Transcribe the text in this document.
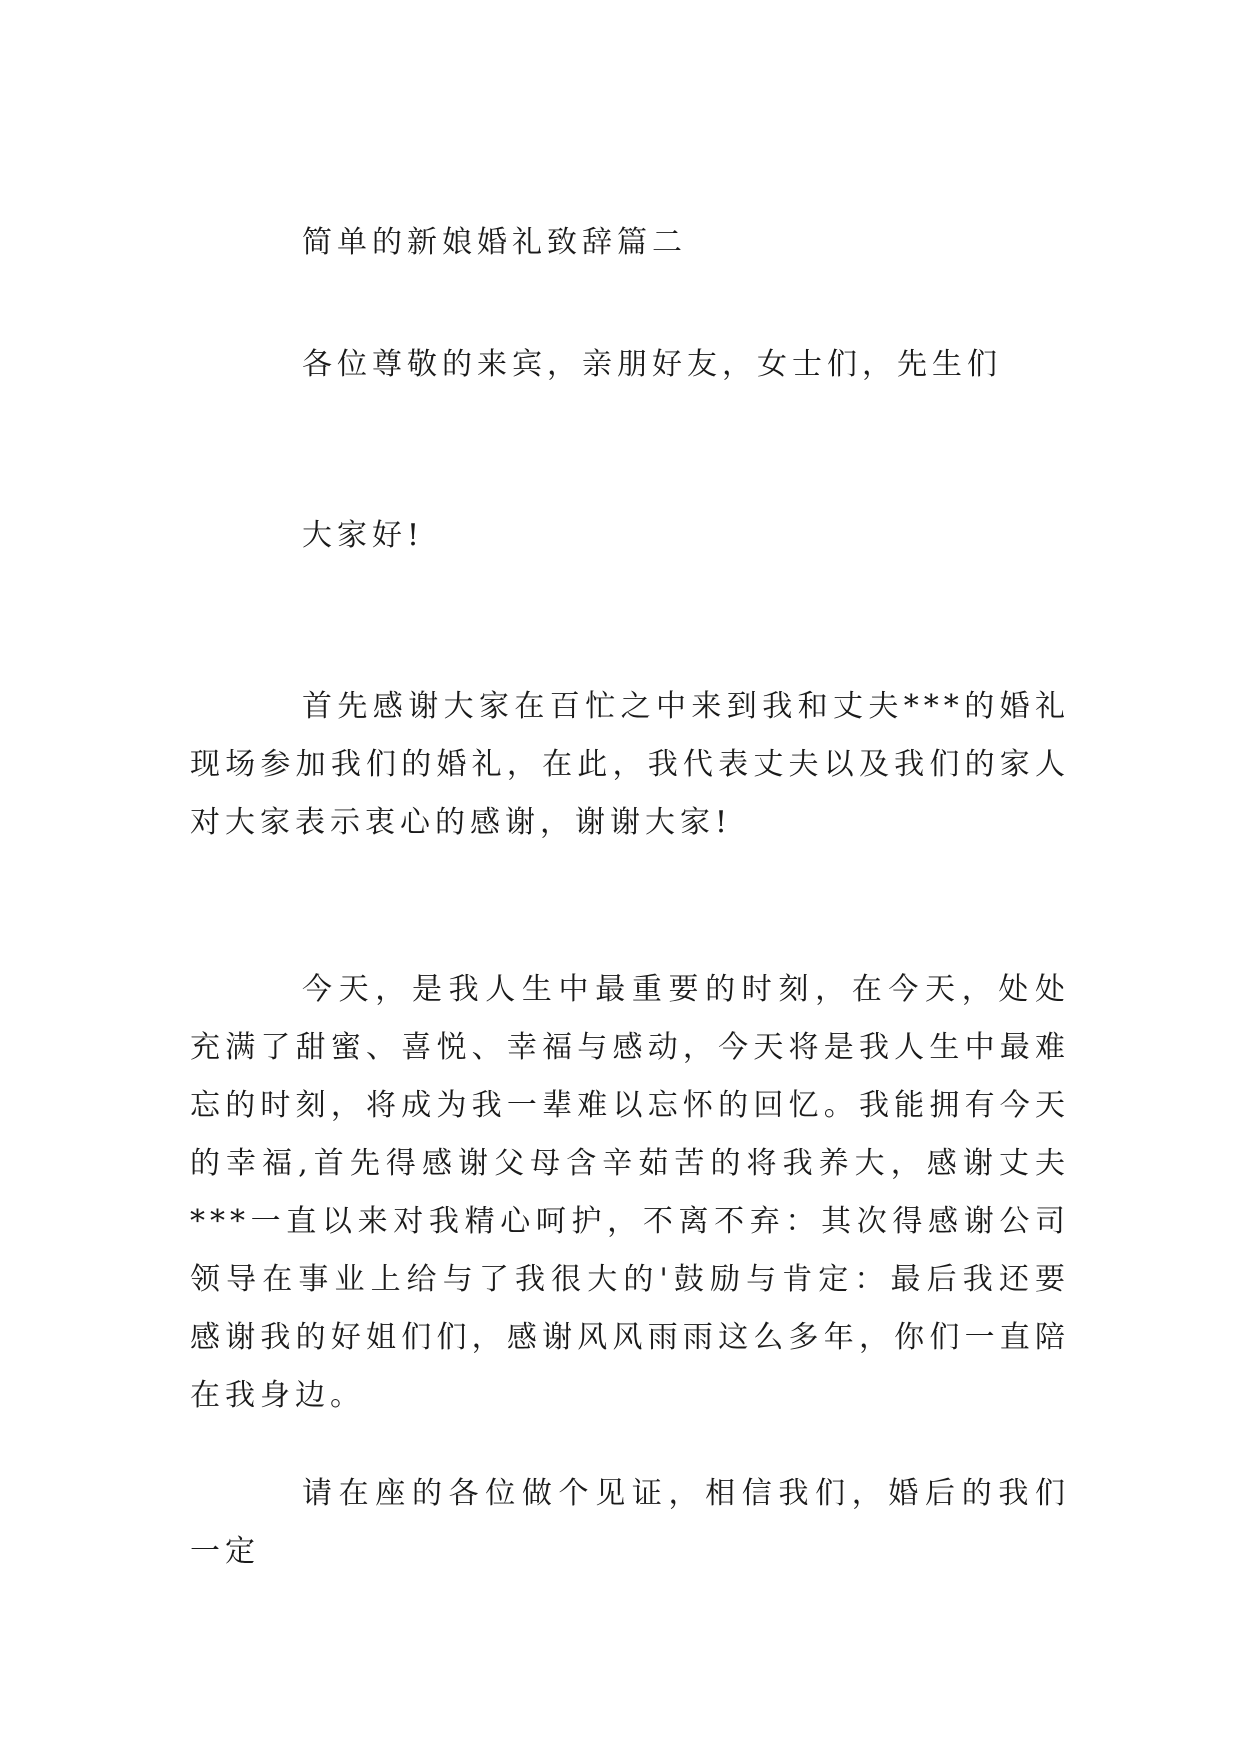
简单的新娘婚礼致辞篇二

各位尊敬的来宾，亲朋好友，女士们，先生们

大家好!

首先感谢大家在百忙之中来到我和丈夫***的婚礼现场参加我们的婚礼，在此，我代表丈夫以及我们的家人对大家表示衷心的感谢，谢谢大家!

今天，是我人生中最重要的时刻，在今天，处处充满了甜蜜、喜悦、幸福与感动，今天将是我人生中最难忘的时刻，将成为我一辈难以忘怀的回忆。我能拥有今天的幸福,首先得感谢父母含辛茹苦的将我养大，感谢丈夫***一直以来对我精心呵护，不离不弃：其次得感谢公司领导在事业上给与了我很大的'鼓励与肯定：最后我还要感谢我的好姐们们，感谢风风雨雨这么多年，你们一直陪在我身边。

请在座的各位做个见证，相信我们，婚后的我们一定
